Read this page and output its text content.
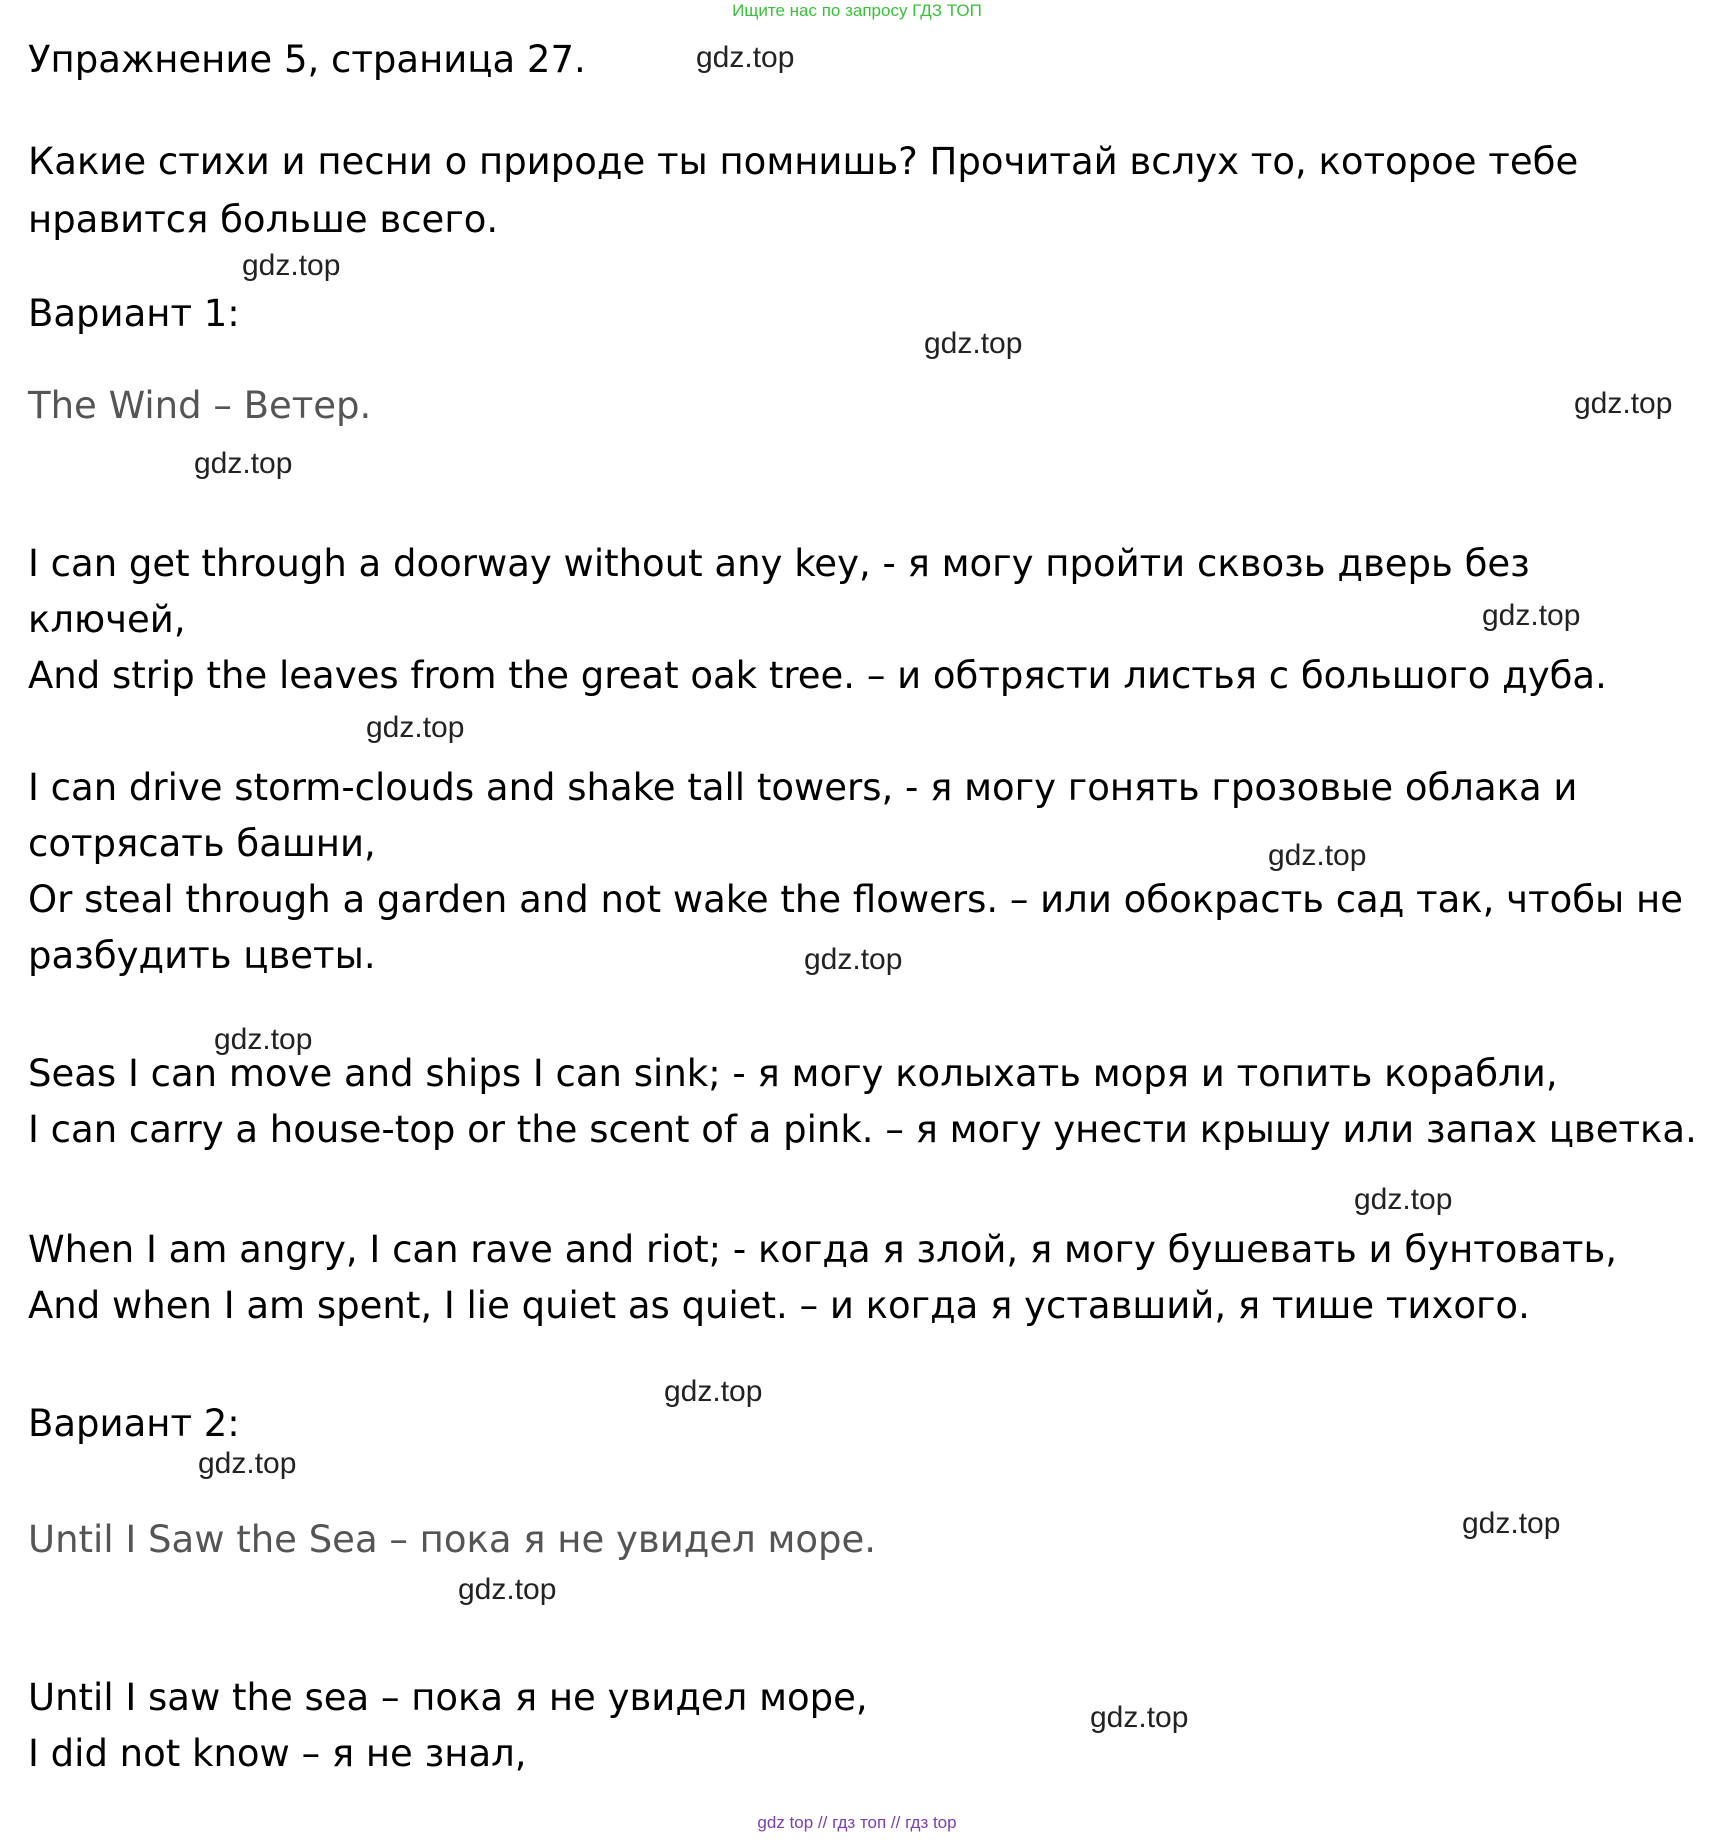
Ищите нас по запросу ГДЗ ТОП
Упражнение 5, страница 27.
Какие стихи и песни о природе ты помнишь? Прочитай вслух то, которое тебе
нравится больше всего.
Вариант 1:
The Wind – Ветер.
I can get through a doorway without any key, - я могу пройти сквозь дверь без
ключей,
And strip the leaves from the great oak tree. – и обтрясти листья с большого дуба.
I can drive storm-clouds and shake tall towers, - я могу гонять грозовые облака и
сотрясать башни,
Or steal through a garden and not wake the flowers. – или обокрасть сад так, чтобы не
разбудить цветы.
Seas I can move and ships I can sink; - я могу колыхать моря и топить корабли,
I can carry a house-top or the scent of a pink. – я могу унести крышу или запах цветка.
When I am angry, I can rave and riot; - когда я злой, я могу бушевать и бунтовать,
And when I am spent, I lie quiet as quiet. – и когда я уставший, я тише тихого.
Вариант 2:
Until I Saw the Sea – пока я не увидел море.
Until I saw the sea – пока я не увидел море,
I did not know – я не знал,
gdz.top
gdz.top
gdz.top
gdz.top
gdz.top
gdz.top
gdz.top
gdz.top
gdz.top
gdz.top
gdz.top
gdz.top
gdz.top
gdz.top
gdz.top
gdz.top
gdz top // гдз топ // гдз top
